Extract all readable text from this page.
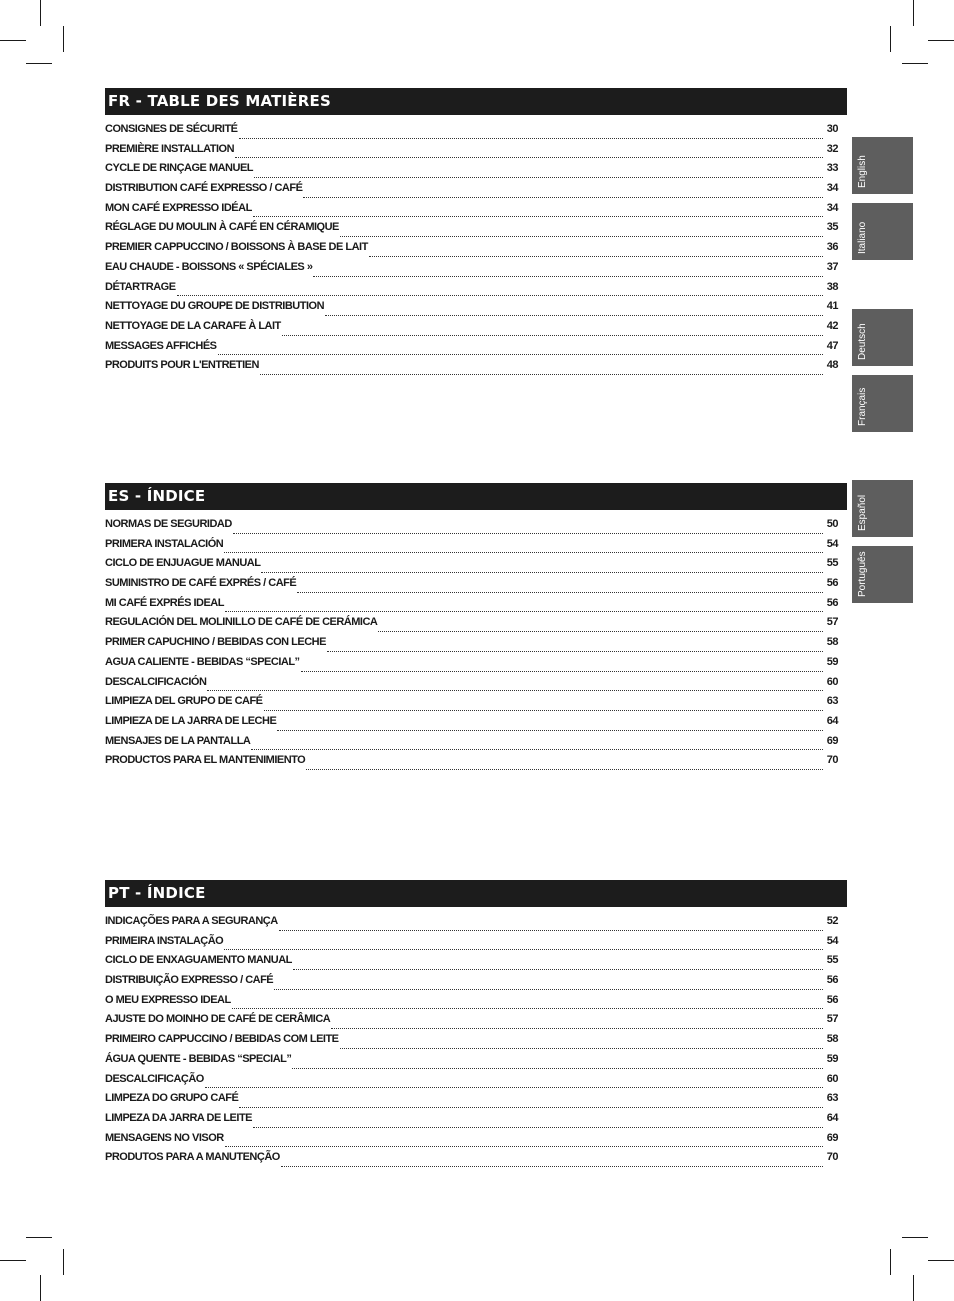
FR - TABLE DES MATIÈRES
CONSIGNES DE SÉCURITÉ	30
PREMIÈRE INSTALLATION	32
CYCLE DE RINÇAGE MANUEL	33
DISTRIBUTION CAFÉ EXPRESSO / CAFÉ	34
MON CAFÉ EXPRESSO IDÉAL	34
RÉGLAGE DU MOULIN À CAFÉ EN CÉRAMIQUE	35
PREMIER CAPPUCCINO / BOISSONS À BASE DE LAIT	36
EAU CHAUDE - BOISSONS « SPÉCIALES »	37
DÉTARTRAGE	38
NETTOYAGE DU GROUPE DE DISTRIBUTION	41
NETTOYAGE DE LA CARAFE À LAIT	42
MESSAGES AFFICHÉS	47
PRODUITS POUR L'ENTRETIEN	48
ES - ÍNDICE
NORMAS DE SEGURIDAD	50
PRIMERA INSTALACIÓN	54
CICLO DE ENJUAGUE MANUAL	55
SUMINISTRO DE CAFÉ EXPRÉS / CAFÉ	56
MI CAFÉ EXPRÉS IDEAL	56
REGULACIÓN DEL MOLINILLO DE CAFÉ DE CERÁMICA	57
PRIMER CAPUCHINO / BEBIDAS CON LECHE	58
AGUA CALIENTE - BEBIDAS “SPECIAL”	59
DESCALCIFICACIÓN	60
LIMPIEZA DEL GRUPO DE CAFÉ	63
LIMPIEZA DE LA JARRA DE LECHE	64
MENSAJES DE LA PANTALLA	69
PRODUCTOS PARA EL MANTENIMIENTO	70
PT - ÍNDICE
INDICAÇÕES PARA A SEGURANÇA	52
PRIMEIRA INSTALAÇÃO	54
CICLO DE ENXAGUAMENTO MANUAL	55
DISTRIBUIÇÃO EXPRESSO / CAFÉ	56
O MEU EXPRESSO IDEAL	56
AJUSTE DO MOINHO DE CAFÉ DE CERÂMICA	57
PRIMEIRO CAPPUCCINO / BEBIDAS COM LEITE	58
ÁGUA QUENTE - BEBIDAS “SPECIAL”	59
DESCALCIFICAÇÃO	60
LIMPEZA DO GRUPO CAFÉ	63
LIMPEZA DA JARRA DE LEITE	64
MENSAGENS NO VISOR	69
PRODUTOS PARA A MANUTENÇÃO	70
English
Italiano
Deutsch
Français
Español
Português
